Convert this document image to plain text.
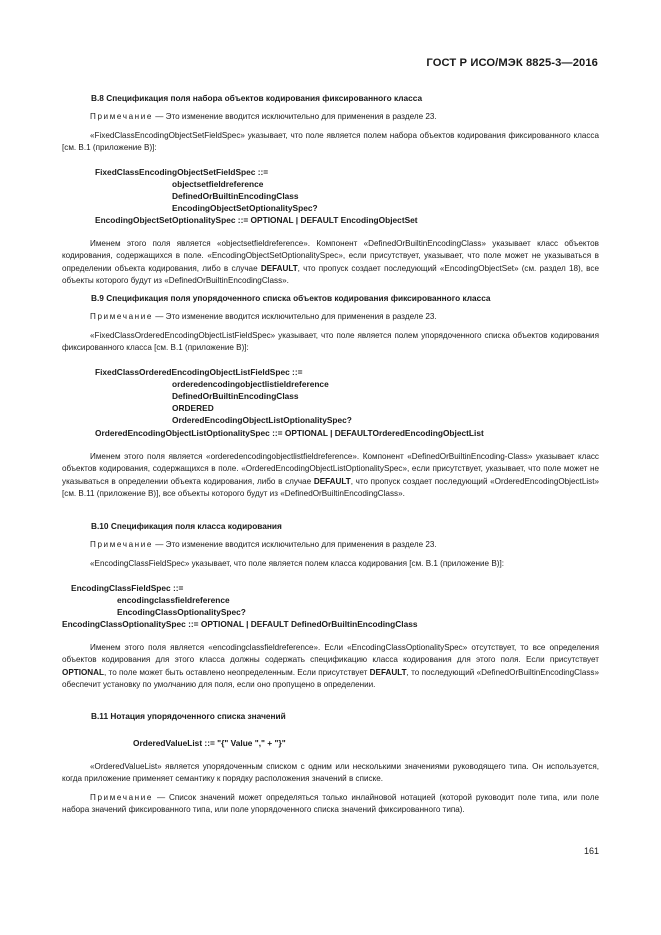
ГОСТ Р ИСО/МЭК 8825-3—2016
В.8 Спецификация поля набора объектов кодирования фиксированного класса
Примечание — Это изменение вводится исключительно для применения в разделе 23.
«FixedClassEncodingObjectSetFieldSpec» указывает, что поле является полем набора объектов кодирования фиксированного класса [см. В.1 (приложение В)]:
FixedClassEncodingObjectSetFieldSpec ::=
objectsetfieldreference
DefinedOrBuiltinEncodingClass
EncodingObjectSetOptionalitySpec?
EncodingObjectSetOptionalitySpec ::= OPTIONAL | DEFAULT EncodingObjectSet
Именем этого поля является «objectsetfieldreference». Компонент «DefinedOrBuiltinEncodingClass» указывает класс объектов кодирования, содержащихся в поле. «EncodingObjectSetOptionalitySpec», если присутствует, указывает, что поле может не указываться в определении объекта кодирования, либо в случае DEFAULT, что пропуск создает последующий «EncodingObjectSet» (см. раздел 18), все объекты которого будут из «DefinedOrBuiltinEncodingClass».
В.9 Спецификация поля упорядоченного списка объектов кодирования фиксированного класса
Примечание — Это изменение вводится исключительно для применения в разделе 23.
«FixedClassOrderedEncodingObjectListFieldSpec» указывает, что поле является полем упорядоченного списка объектов кодирования фиксированного класса [см. В.1 (приложение В)]:
FixedClassOrderedEncodingObjectListFieldSpec ::=
orderedencodingobjectlistieldreference
DefinedOrBuiltinEncodingClass
ORDERED
OrderedEncodingObjectListOptionalitySpec?
OrderedEncodingObjectListOptionalitySpec ::= OPTIONAL | DEFAULTOrderedEncodingObjectList
Именем этого поля является «orderedencodingobjectlistfieldreference». Компонент «DefinedOrBuiltinEncoding-Class» указывает класс объектов кодирования, содержащихся в поле. «OrderedEncodingObjectListOptionalitySpec», если присутствует, указывает, что поле может не указываться в определении объекта кодирования, либо в случае DEFAULT, что пропуск создает последующий «OrderedEncodingObjectList» [см. В.11 (приложение В)], все объекты которого будут из «DefinedOrBuiltinEncodingClass».
В.10 Спецификация поля класса кодирования
Примечание — Это изменение вводится исключительно для применения в разделе 23.
«EncodingClassFieldSpec» указывает, что поле является полем класса кодирования [см. В.1 (приложение В)]:
EncodingClassFieldSpec ::=
encodingclassfieldreference
EncodingClassOptionalitySpec?
EncodingClassOptionalitySpec ::= OPTIONAL | DEFAULT DefinedOrBuiltinEncodingClass
Именем этого поля является «encodingclassfieldreference». Если «EncodingClassOptionalitySpec» отсутствует, то все определения объектов кодирования для этого класса должны содержать спецификацию класса кодирования для этого поля. Если присутствует OPTIONAL, то поле может быть оставлено неопределенным. Если присутствует DEFAULT, то последующий «DefinedOrBuiltinEncodingClass» обеспечит установку по умолчанию для поля, если оно пропущено в определении.
В.11 Нотация упорядоченного списка значений
OrderedValueList ::= "{" Value "," + "}"
«OrderedValueList» является упорядоченным списком с одним или несколькими значениями руководящего типа. Он используется, когда приложение применяет семантику к порядку расположения значений в списке.
Примечание — Список значений может определяться только инлайновой нотацией (которой руководит поле типа, или поле набора значений фиксированного типа, или поле упорядоченного списка значений фиксированного типа).
161
